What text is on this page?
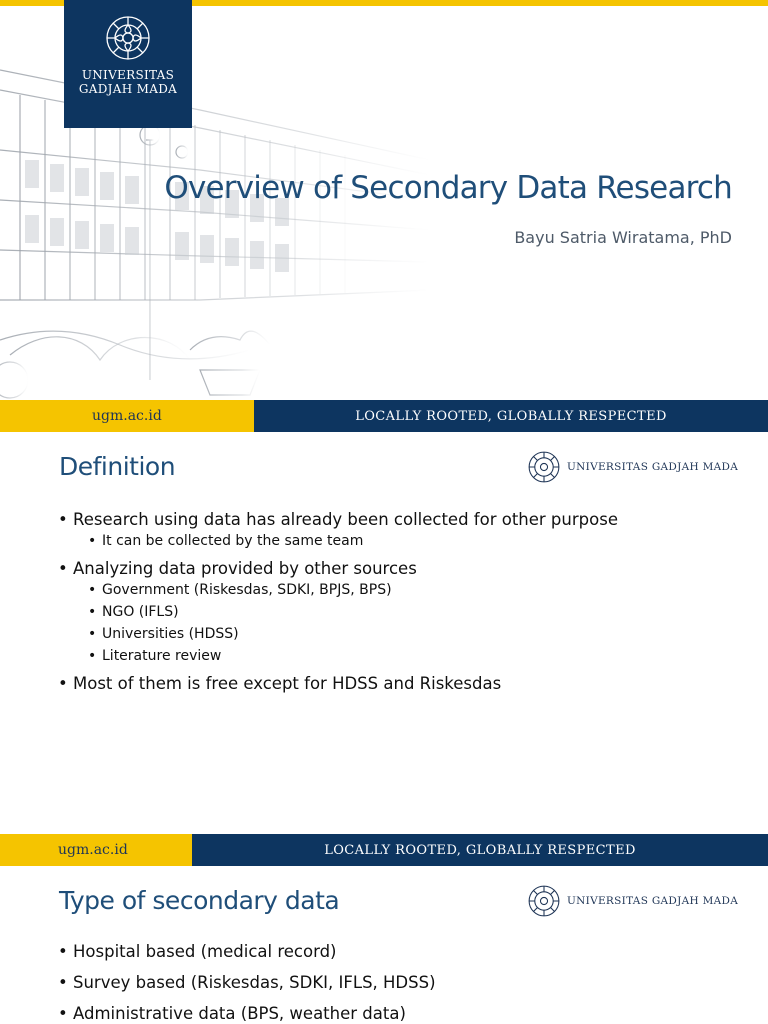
UNIVERSITAS
GADJAH MADA
Overview of Secondary Data Research
Bayu Satria Wiratama, PhD
ugm.ac.id	LOCALLY ROOTED, GLOBALLY RESPECTED
Definition	UNIVERSITAS GADJAH MADA
• Research using data has already been collected for other purpose
• It can be collected by the same team
• Analyzing data provided by other sources
• Government (Riskesdas, SDKI, BPJS, BPS)
• NGO (IFLS)
• Universities (HDSS)
• Literature review
• Most of them is free except for HDSS and Riskesdas
ugm.ac.id	LOCALLY ROOTED, GLOBALLY RESPECTED
Type of secondary data	UNIVERSITAS GADJAH MADA
• Hospital based (medical record)
• Survey based (Riskesdas, SDKI, IFLS, HDSS)
• Administrative data (BPS, weather data)
